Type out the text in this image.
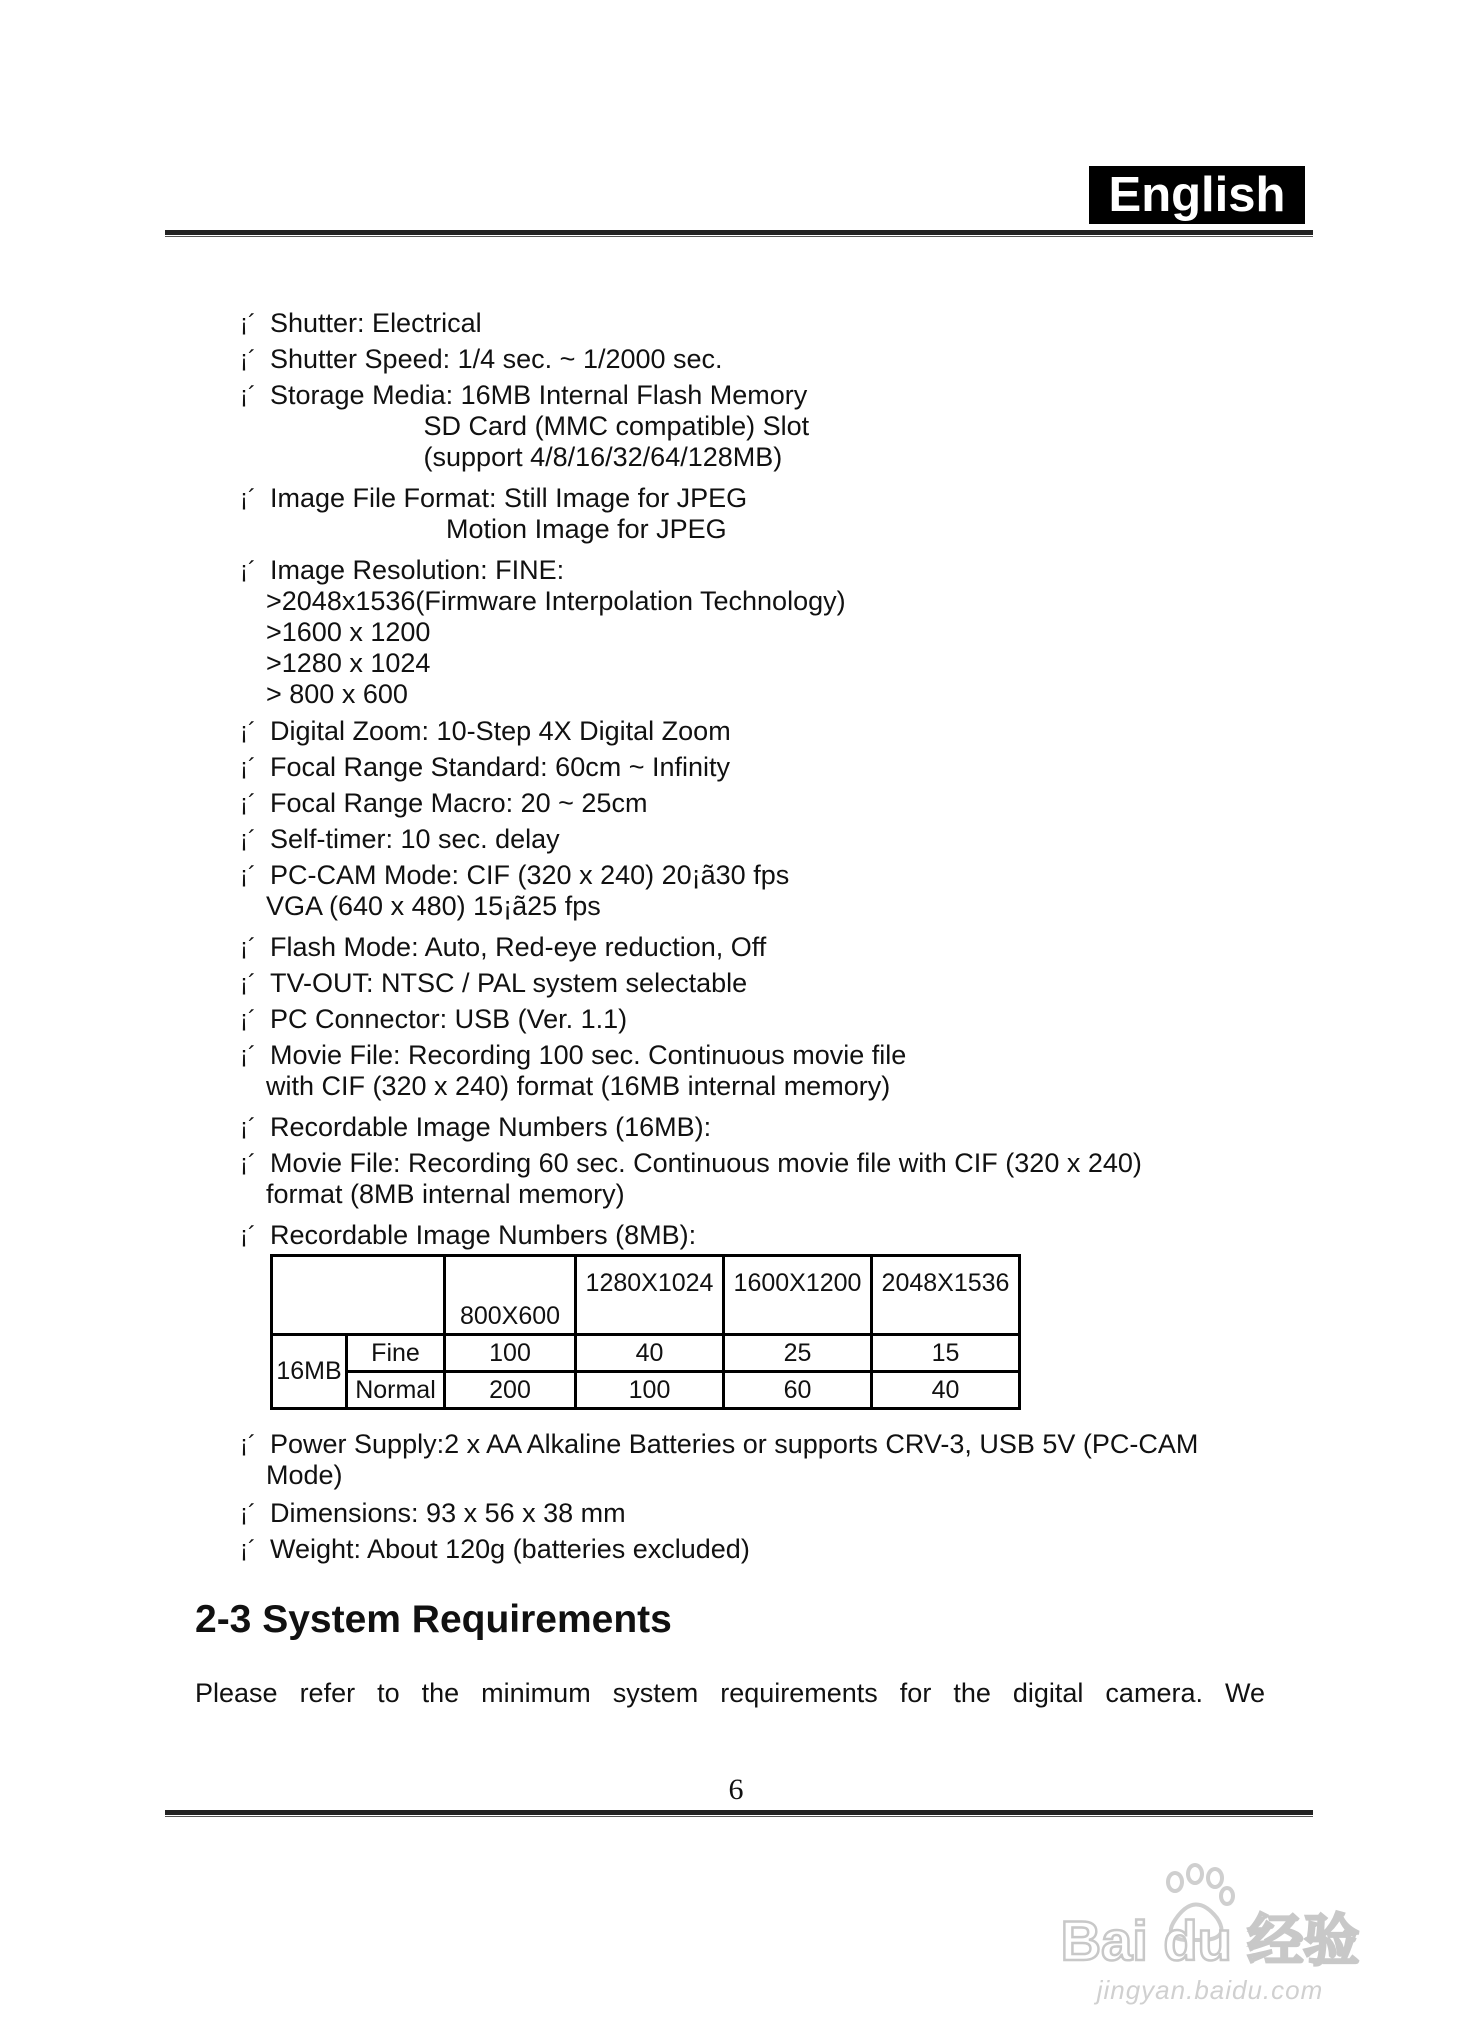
English
¡´ Shutter: Electrical
¡´ Shutter Speed: 1/4 sec. ~ 1/2000 sec.
¡´ Storage Media: 16MB Internal Flash Memory
SD Card (MMC compatible) Slot
(support 4/8/16/32/64/128MB)
¡´ Image File Format: Still Image for JPEG
Motion Image for JPEG
¡´ Image Resolution: FINE:
>2048x1536(Firmware Interpolation Technology)
>1600 x 1200
>1280 x 1024
> 800 x 600
¡´ Digital Zoom: 10-Step 4X Digital Zoom
¡´ Focal Range Standard: 60cm ~ Infinity
¡´ Focal Range Macro: 20 ~ 25cm
¡´ Self-timer: 10 sec. delay
¡´ PC-CAM Mode: CIF (320 x 240) 20¡ã30 fps
VGA (640 x 480) 15¡ã25 fps
¡´ Flash Mode: Auto, Red-eye reduction, Off
¡´ TV-OUT: NTSC / PAL system selectable
¡´ PC Connector: USB (Ver. 1.1)
¡´ Movie File: Recording 100 sec. Continuous movie file
with CIF (320 x 240) format (16MB internal memory)
¡´ Recordable Image Numbers (16MB):
¡´ Movie File: Recording 60 sec. Continuous movie file with CIF (320 x 240)
format (8MB internal memory)
¡´ Recordable Image Numbers (8MB):
¡´ Power Supply:2 x AA Alkaline Batteries or supports CRV-3, USB 5V (PC-CAM
Mode)
¡´ Dimensions: 93 x 56 x 38 mm
¡´ Weight: About 120g (batteries excluded)
		800X600	1280X1024	1600X1200	2048X1536
16MB	Fine	100	40	25	15
	Normal	200	100	60	40
2-3 System Requirements

Please refer to the minimum system requirements for the digital camera. We

6
Bai du 经验
jingyan.baidu.com
